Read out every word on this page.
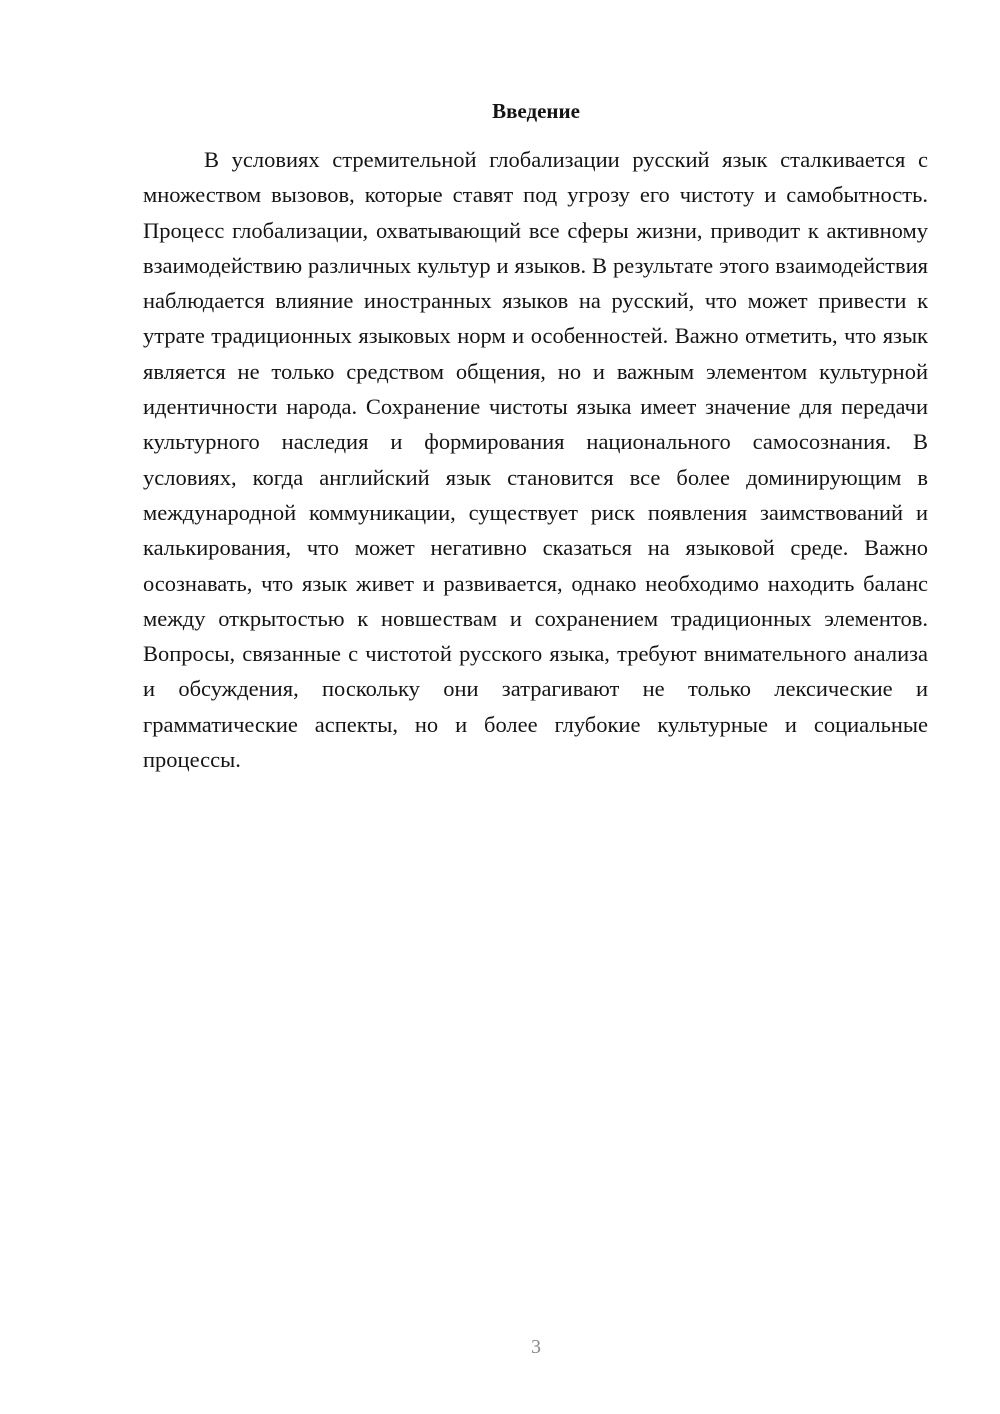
Введение

В условиях стремительной глобализации русский язык сталкивается с множеством вызовов, которые ставят под угрозу его чистоту и самобытность. Процесс глобализации, охватывающий все сферы жизни, приводит к активному взаимодействию различных культур и языков. В результате этого взаимодействия наблюдается влияние иностранных языков на русский, что может привести к утрате традиционных языковых норм и особенностей. Важно отметить, что язык является не только средством общения, но и важным элементом культурной идентичности народа. Сохранение чистоты языка имеет значение для передачи культурного наследия и формирования национального самосознания. В условиях, когда английский язык становится все более доминирующим в международной коммуникации, существует риск появления заимствований и калькирования, что может негативно сказаться на языковой среде. Важно осознавать, что язык живет и развивается, однако необходимо находить баланс между открытостью к новшествам и сохранением традиционных элементов. Вопросы, связанные с чистотой русского языка, требуют внимательного анализа и обсуждения, поскольку они затрагивают не только лексические и грамматические аспекты, но и более глубокие культурные и социальные процессы.

3
